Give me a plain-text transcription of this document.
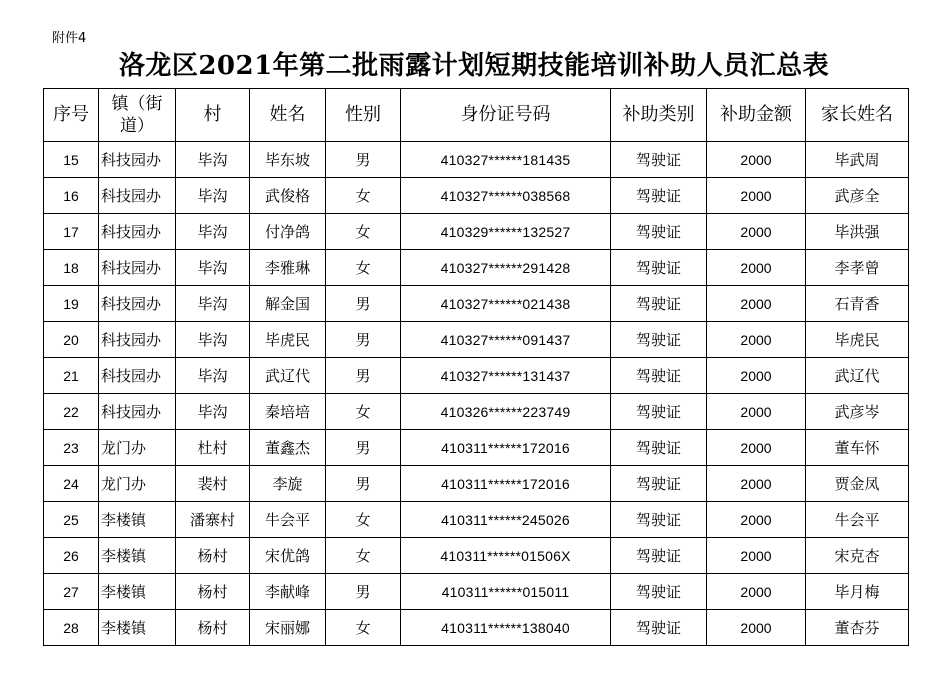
附件4
洛龙区2021年第二批雨露计划短期技能培训补助人员汇总表
序号	镇（街道）	村	姓名	性别	身份证号码	补助类别	补助金额	家长姓名
15	科技园办	毕沟	毕东坡	男	410327******181435	驾驶证	2000	毕武周
16	科技园办	毕沟	武俊格	女	410327******038568	驾驶证	2000	武彦全
17	科技园办	毕沟	付净鸽	女	410329******132527	驾驶证	2000	毕洪强
18	科技园办	毕沟	李雅琳	女	410327******291428	驾驶证	2000	李孝曾
19	科技园办	毕沟	解金国	男	410327******021438	驾驶证	2000	石青香
20	科技园办	毕沟	毕虎民	男	410327******091437	驾驶证	2000	毕虎民
21	科技园办	毕沟	武辽代	男	410327******131437	驾驶证	2000	武辽代
22	科技园办	毕沟	秦培培	女	410326******223749	驾驶证	2000	武彦岑
23	龙门办	杜村	董鑫杰	男	410311******172016	驾驶证	2000	董车怀
24	龙门办	裴村	李旋	男	410311******172016	驾驶证	2000	贾金凤
25	李楼镇	潘寨村	牛会平	女	410311******245026	驾驶证	2000	牛会平
26	李楼镇	杨村	宋优鸽	女	410311******01506X	驾驶证	2000	宋克杏
27	李楼镇	杨村	李献峰	男	410311******015011	驾驶证	2000	毕月梅
28	李楼镇	杨村	宋丽娜	女	410311******138040	驾驶证	2000	董杏芬
